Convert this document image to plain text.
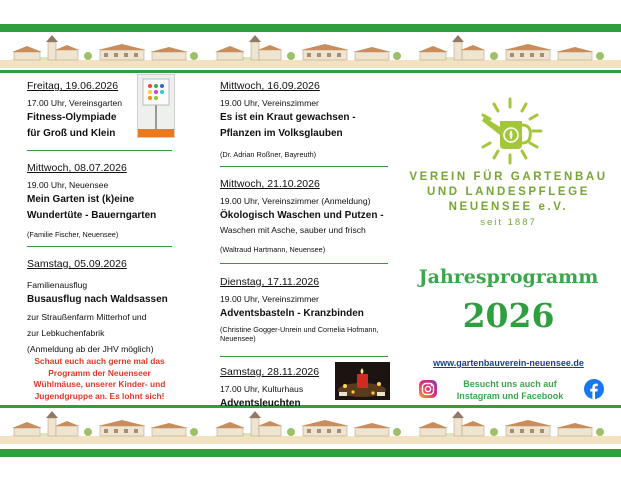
Freitag, 19.06.2026
17.00 Uhr, Vereinsgarten
Fitness-Olympiade
für Groß und Klein
Mittwoch, 08.07.2026
19.00 Uhr, Neuensee
Mein Garten ist (k)eine
Wundertüte - Bauerngarten
(Familie Fischer, Neuensee)
Samstag, 05.09.2026
Familienausflug
Busausflug nach Waldsassen
zur Straußenfarm Mitterhof und
zur Lebkuchenfabrik
(Anmeldung ab der JHV möglich)
Schaut euch auch gerne mal das
Programm der Neuenseer
Wühlmäuse, unserer Kinder- und
Jugendgruppe an. Es lohnt sich!
Mittwoch, 16.09.2026
19.00 Uhr, Vereinszimmer
Es ist ein Kraut gewachsen -
Pflanzen im Volksglauben
(Dr. Adrian Roßner, Bayreuth)
Mittwoch, 21.10.2026
19.00 Uhr, Vereinszimmer (Anmeldung)
Ökologisch Waschen und Putzen -
Waschen mit Asche, sauber und frisch
(Waltraud Hartmann, Neuensee)
Dienstag, 17.11.2026
19.00 Uhr, Vereinszimmer
Adventsbasteln - Kranzbinden
(Christine Gogger-Unrein und Cornelia Hofmann, Neuensee)
Samstag, 28.11.2026
17.00 Uhr, Kulturhaus
Adventsleuchten
VEREIN FÜR GARTENBAU
UND LANDESPFLEGE
NEUENSEE e.V.
seit 1887
Jahresprogramm
2026
www.gartenbauverein-neuensee.de
Besucht uns auch auf
Instagram und Facebook
